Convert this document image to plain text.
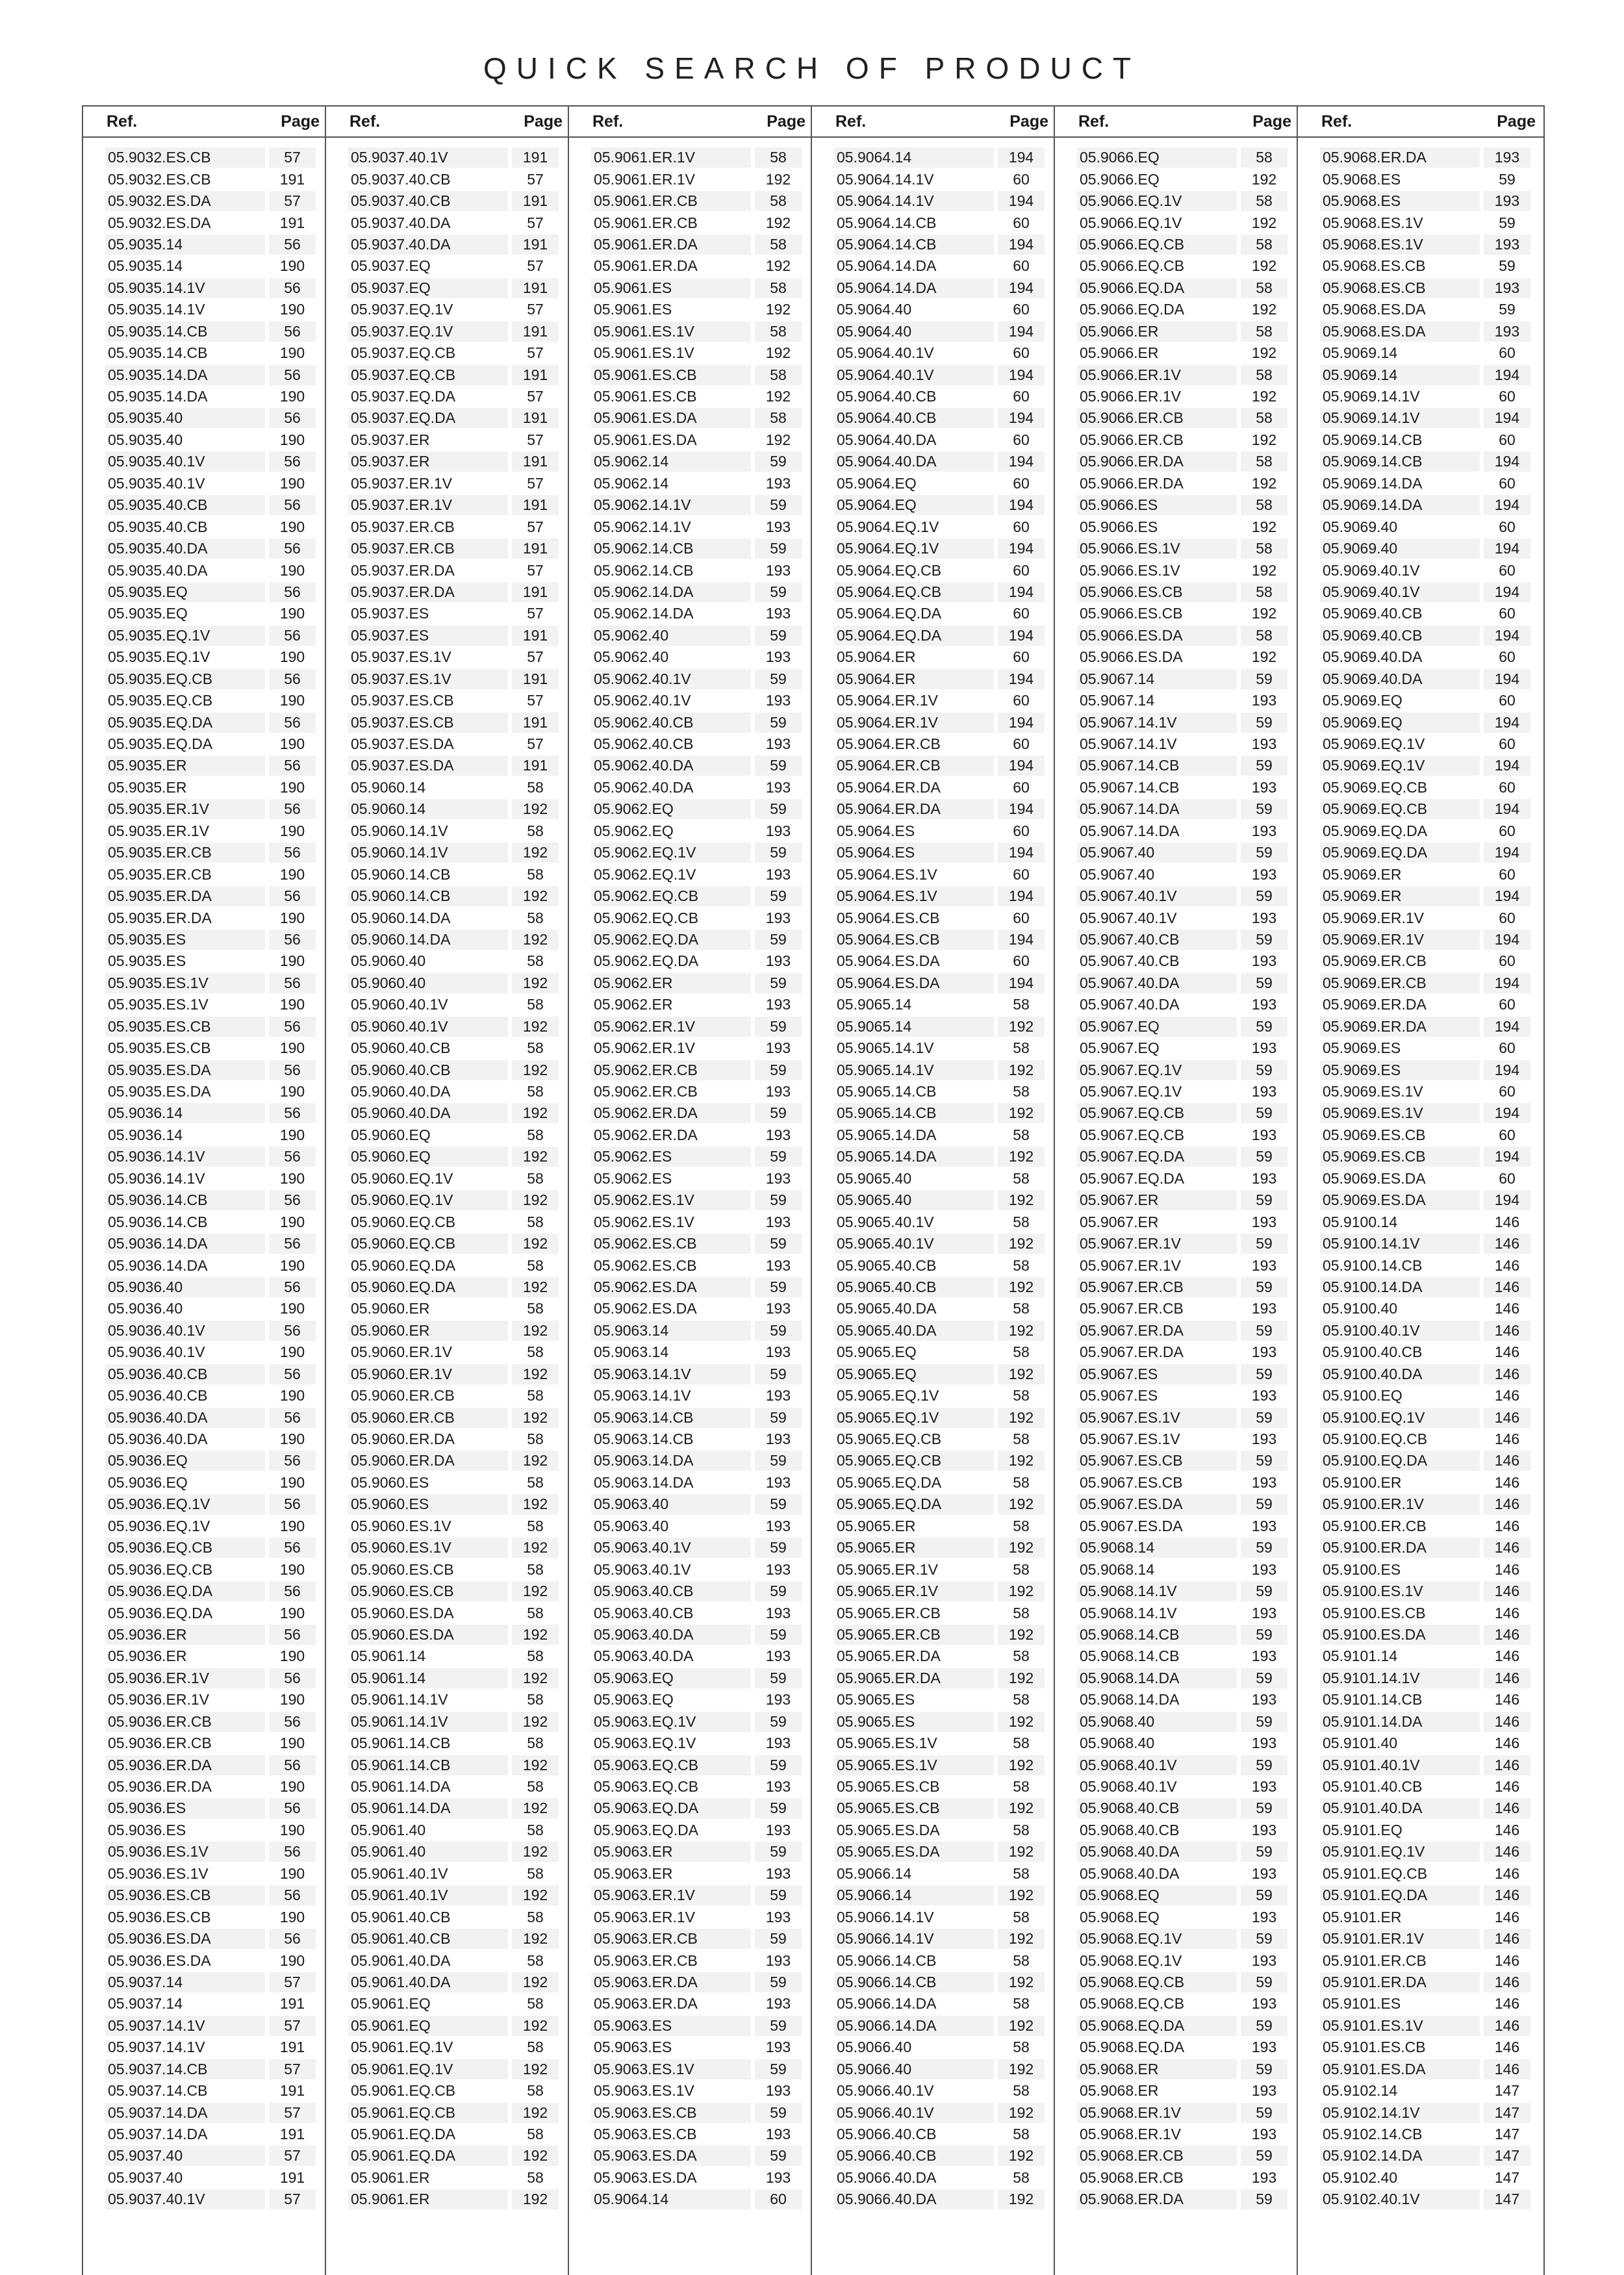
QUICK SEARCH OF PRODUCT
Ref.	Page Ref.	Page Ref.	Page Ref.	Page Ref.	Page Ref.	Page
05.9032.ES.CB	57
05.9032.ES.CB	191
05.9032.ES.DA	57
05.9032.ES.DA	191
05.9035.14	56
05.9035.14	190
05.9035.14.1V	56
05.9035.14.1V	190
05.9035.14.CB	56
05.9035.14.CB	190
05.9035.14.DA	56
05.9035.14.DA	190
05.9035.40	56
05.9035.40	190
05.9035.40.1V	56
05.9035.40.1V	190
05.9035.40.CB	56
05.9035.40.CB	190
05.9035.40.DA	56
05.9035.40.DA	190
05.9035.EQ	56
05.9035.EQ	190
05.9035.EQ.1V	56
05.9035.EQ.1V	190
05.9035.EQ.CB	56
05.9035.EQ.CB	190
05.9035.EQ.DA	56
05.9035.EQ.DA	190
05.9035.ER	56
05.9035.ER	190
05.9035.ER.1V	56
05.9035.ER.1V	190
05.9035.ER.CB	56
05.9035.ER.CB	190
05.9035.ER.DA	56
05.9035.ER.DA	190
05.9035.ES	56
05.9035.ES	190
05.9035.ES.1V	56
05.9035.ES.1V	190
05.9035.ES.CB	56
05.9035.ES.CB	190
05.9035.ES.DA	56
05.9035.ES.DA	190
05.9036.14	56
05.9036.14	190
05.9036.14.1V	56
05.9036.14.1V	190
05.9036.14.CB	56
05.9036.14.CB	190
05.9036.14.DA	56
05.9036.14.DA	190
05.9036.40	56
05.9036.40	190
05.9036.40.1V	56
05.9036.40.1V	190
05.9036.40.CB	56
05.9036.40.CB	190
05.9036.40.DA	56
05.9036.40.DA	190
05.9036.EQ	56
05.9036.EQ	190
05.9036.EQ.1V	56
05.9036.EQ.1V	190
05.9036.EQ.CB	56
05.9036.EQ.CB	190
05.9036.EQ.DA	56
05.9036.EQ.DA	190
05.9036.ER	56
05.9036.ER	190
05.9036.ER.1V	56
05.9036.ER.1V	190
05.9036.ER.CB	56
05.9036.ER.CB	190
05.9036.ER.DA	56
05.9036.ER.DA	190
05.9036.ES	56
05.9036.ES	190
05.9036.ES.1V	56
05.9036.ES.1V	190
05.9036.ES.CB	56
05.9036.ES.CB	190
05.9036.ES.DA	56
05.9036.ES.DA	190
05.9037.14	57
05.9037.14	191
05.9037.14.1V	57
05.9037.14.1V	191
05.9037.14.CB	57
05.9037.14.CB	191
05.9037.14.DA	57
05.9037.14.DA	191
05.9037.40	57
05.9037.40	191
05.9037.40.1V	57
05.9037.40.1V	191
05.9037.40.CB	57
05.9037.40.CB	191
05.9037.40.DA	57
05.9037.40.DA	191
05.9037.EQ	57
05.9037.EQ	191
05.9037.EQ.1V	57
05.9037.EQ.1V	191
05.9037.EQ.CB	57
05.9037.EQ.CB	191
05.9037.EQ.DA	57
05.9037.EQ.DA	191
05.9037.ER	57
05.9037.ER	191
05.9037.ER.1V	57
05.9037.ER.1V	191
05.9037.ER.CB	57
05.9037.ER.CB	191
05.9037.ER.DA	57
05.9037.ER.DA	191
05.9037.ES	57
05.9037.ES	191
05.9037.ES.1V	57
05.9037.ES.1V	191
05.9037.ES.CB	57
05.9037.ES.CB	191
05.9037.ES.DA	57
05.9037.ES.DA	191
05.9060.14	58
05.9060.14	192
05.9060.14.1V	58
05.9060.14.1V	192
05.9060.14.CB	58
05.9060.14.CB	192
05.9060.14.DA	58
05.9060.14.DA	192
05.9060.40	58
05.9060.40	192
05.9060.40.1V	58
05.9060.40.1V	192
05.9060.40.CB	58
05.9060.40.CB	192
05.9060.40.DA	58
05.9060.40.DA	192
05.9060.EQ	58
05.9060.EQ	192
05.9060.EQ.1V	58
05.9060.EQ.1V	192
05.9060.EQ.CB	58
05.9060.EQ.CB	192
05.9060.EQ.DA	58
05.9060.EQ.DA	192
05.9060.ER	58
05.9060.ER	192
05.9060.ER.1V	58
05.9060.ER.1V	192
05.9060.ER.CB	58
05.9060.ER.CB	192
05.9060.ER.DA	58
05.9060.ER.DA	192
05.9060.ES	58
05.9060.ES	192
05.9060.ES.1V	58
05.9060.ES.1V	192
05.9060.ES.CB	58
05.9060.ES.CB	192
05.9060.ES.DA	58
05.9060.ES.DA	192
05.9061.14	58
05.9061.14	192
05.9061.14.1V	58
05.9061.14.1V	192
05.9061.14.CB	58
05.9061.14.CB	192
05.9061.14.DA	58
05.9061.14.DA	192
05.9061.40	58
05.9061.40	192
05.9061.40.1V	58
05.9061.40.1V	192
05.9061.40.CB	58
05.9061.40.CB	192
05.9061.40.DA	58
05.9061.40.DA	192
05.9061.EQ	58
05.9061.EQ	192
05.9061.EQ.1V	58
05.9061.EQ.1V	192
05.9061.EQ.CB	58
05.9061.EQ.CB	192
05.9061.EQ.DA	58
05.9061.EQ.DA	192
05.9061.ER	58
05.9061.ER	192
05.9061.ER.1V	58
05.9061.ER.1V	192
05.9061.ER.CB	58
05.9061.ER.CB	192
05.9061.ER.DA	58
05.9061.ER.DA	192
05.9061.ES	58
05.9061.ES	192
05.9061.ES.1V	58
05.9061.ES.1V	192
05.9061.ES.CB	58
05.9061.ES.CB	192
05.9061.ES.DA	58
05.9061.ES.DA	192
05.9062.14	59
05.9062.14	193
05.9062.14.1V	59
05.9062.14.1V	193
05.9062.14.CB	59
05.9062.14.CB	193
05.9062.14.DA	59
05.9062.14.DA	193
05.9062.40	59
05.9062.40	193
05.9062.40.1V	59
05.9062.40.1V	193
05.9062.40.CB	59
05.9062.40.CB	193
05.9062.40.DA	59
05.9062.40.DA	193
05.9062.EQ	59
05.9062.EQ	193
05.9062.EQ.1V	59
05.9062.EQ.1V	193
05.9062.EQ.CB	59
05.9062.EQ.CB	193
05.9062.EQ.DA	59
05.9062.EQ.DA	193
05.9062.ER	59
05.9062.ER	193
05.9062.ER.1V	59
05.9062.ER.1V	193
05.9062.ER.CB	59
05.9062.ER.CB	193
05.9062.ER.DA	59
05.9062.ER.DA	193
05.9062.ES	59
05.9062.ES	193
05.9062.ES.1V	59
05.9062.ES.1V	193
05.9062.ES.CB	59
05.9062.ES.CB	193
05.9062.ES.DA	59
05.9062.ES.DA	193
05.9063.14	59
05.9063.14	193
05.9063.14.1V	59
05.9063.14.1V	193
05.9063.14.CB	59
05.9063.14.CB	193
05.9063.14.DA	59
05.9063.14.DA	193
05.9063.40	59
05.9063.40	193
05.9063.40.1V	59
05.9063.40.1V	193
05.9063.40.CB	59
05.9063.40.CB	193
05.9063.40.DA	59
05.9063.40.DA	193
05.9063.EQ	59
05.9063.EQ	193
05.9063.EQ.1V	59
05.9063.EQ.1V	193
05.9063.EQ.CB	59
05.9063.EQ.CB	193
05.9063.EQ.DA	59
05.9063.EQ.DA	193
05.9063.ER	59
05.9063.ER	193
05.9063.ER.1V	59
05.9063.ER.1V	193
05.9063.ER.CB	59
05.9063.ER.CB	193
05.9063.ER.DA	59
05.9063.ER.DA	193
05.9063.ES	59
05.9063.ES	193
05.9063.ES.1V	59
05.9063.ES.1V	193
05.9063.ES.CB	59
05.9063.ES.CB	193
05.9063.ES.DA	59
05.9063.ES.DA	193
05.9064.14	60
05.9064.14	194
05.9064.14.1V	60
05.9064.14.1V	194
05.9064.14.CB	60
05.9064.14.CB	194
05.9064.14.DA	60
05.9064.14.DA	194
05.9064.40	60
05.9064.40	194
05.9064.40.1V	60
05.9064.40.1V	194
05.9064.40.CB	60
05.9064.40.CB	194
05.9064.40.DA	60
05.9064.40.DA	194
05.9064.EQ	60
05.9064.EQ	194
05.9064.EQ.1V	60
05.9064.EQ.1V	194
05.9064.EQ.CB	60
05.9064.EQ.CB	194
05.9064.EQ.DA	60
05.9064.EQ.DA	194
05.9064.ER	60
05.9064.ER	194
05.9064.ER.1V	60
05.9064.ER.1V	194
05.9064.ER.CB	60
05.9064.ER.CB	194
05.9064.ER.DA	60
05.9064.ER.DA	194
05.9064.ES	60
05.9064.ES	194
05.9064.ES.1V	60
05.9064.ES.1V	194
05.9064.ES.CB	60
05.9064.ES.CB	194
05.9064.ES.DA	60
05.9064.ES.DA	194
05.9065.14	58
05.9065.14	192
05.9065.14.1V	58
05.9065.14.1V	192
05.9065.14.CB	58
05.9065.14.CB	192
05.9065.14.DA	58
05.9065.14.DA	192
05.9065.40	58
05.9065.40	192
05.9065.40.1V	58
05.9065.40.1V	192
05.9065.40.CB	58
05.9065.40.CB	192
05.9065.40.DA	58
05.9065.40.DA	192
05.9065.EQ	58
05.9065.EQ	192
05.9065.EQ.1V	58
05.9065.EQ.1V	192
05.9065.EQ.CB	58
05.9065.EQ.CB	192
05.9065.EQ.DA	58
05.9065.EQ.DA	192
05.9065.ER	58
05.9065.ER	192
05.9065.ER.1V	58
05.9065.ER.1V	192
05.9065.ER.CB	58
05.9065.ER.CB	192
05.9065.ER.DA	58
05.9065.ER.DA	192
05.9065.ES	58
05.9065.ES	192
05.9065.ES.1V	58
05.9065.ES.1V	192
05.9065.ES.CB	58
05.9065.ES.CB	192
05.9065.ES.DA	58
05.9065.ES.DA	192
05.9066.14	58
05.9066.14	192
05.9066.14.1V	58
05.9066.14.1V	192
05.9066.14.CB	58
05.9066.14.CB	192
05.9066.14.DA	58
05.9066.14.DA	192
05.9066.40	58
05.9066.40	192
05.9066.40.1V	58
05.9066.40.1V	192
05.9066.40.CB	58
05.9066.40.CB	192
05.9066.40.DA	58
05.9066.40.DA	192
05.9066.EQ	58
05.9066.EQ	192
05.9066.EQ.1V	58
05.9066.EQ.1V	192
05.9066.EQ.CB	58
05.9066.EQ.CB	192
05.9066.EQ.DA	58
05.9066.EQ.DA	192
05.9066.ER	58
05.9066.ER	192
05.9066.ER.1V	58
05.9066.ER.1V	192
05.9066.ER.CB	58
05.9066.ER.CB	192
05.9066.ER.DA	58
05.9066.ER.DA	192
05.9066.ES	58
05.9066.ES	192
05.9066.ES.1V	58
05.9066.ES.1V	192
05.9066.ES.CB	58
05.9066.ES.CB	192
05.9066.ES.DA	58
05.9066.ES.DA	192
05.9067.14	59
05.9067.14	193
05.9067.14.1V	59
05.9067.14.1V	193
05.9067.14.CB	59
05.9067.14.CB	193
05.9067.14.DA	59
05.9067.14.DA	193
05.9067.40	59
05.9067.40	193
05.9067.40.1V	59
05.9067.40.1V	193
05.9067.40.CB	59
05.9067.40.CB	193
05.9067.40.DA	59
05.9067.40.DA	193
05.9067.EQ	59
05.9067.EQ	193
05.9067.EQ.1V	59
05.9067.EQ.1V	193
05.9067.EQ.CB	59
05.9067.EQ.CB	193
05.9067.EQ.DA	59
05.9067.EQ.DA	193
05.9067.ER	59
05.9067.ER	193
05.9067.ER.1V	59
05.9067.ER.1V	193
05.9067.ER.CB	59
05.9067.ER.CB	193
05.9067.ER.DA	59
05.9067.ER.DA	193
05.9067.ES	59
05.9067.ES	193
05.9067.ES.1V	59
05.9067.ES.1V	193
05.9067.ES.CB	59
05.9067.ES.CB	193
05.9067.ES.DA	59
05.9067.ES.DA	193
05.9068.14	59
05.9068.14	193
05.9068.14.1V	59
05.9068.14.1V	193
05.9068.14.CB	59
05.9068.14.CB	193
05.9068.14.DA	59
05.9068.14.DA	193
05.9068.40	59
05.9068.40	193
05.9068.40.1V	59
05.9068.40.1V	193
05.9068.40.CB	59
05.9068.40.CB	193
05.9068.40.DA	59
05.9068.40.DA	193
05.9068.EQ	59
05.9068.EQ	193
05.9068.EQ.1V	59
05.9068.EQ.1V	193
05.9068.EQ.CB	59
05.9068.EQ.CB	193
05.9068.EQ.DA	59
05.9068.EQ.DA	193
05.9068.ER	59
05.9068.ER	193
05.9068.ER.1V	59
05.9068.ER.1V	193
05.9068.ER.CB	59
05.9068.ER.CB	193
05.9068.ER.DA	59
05.9068.ER.DA	193
05.9068.ES	59
05.9068.ES	193
05.9068.ES.1V	59
05.9068.ES.1V	193
05.9068.ES.CB	59
05.9068.ES.CB	193
05.9068.ES.DA	59
05.9068.ES.DA	193
05.9069.14	60
05.9069.14	194
05.9069.14.1V	60
05.9069.14.1V	194
05.9069.14.CB	60
05.9069.14.CB	194
05.9069.14.DA	60
05.9069.14.DA	194
05.9069.40	60
05.9069.40	194
05.9069.40.1V	60
05.9069.40.1V	194
05.9069.40.CB	60
05.9069.40.CB	194
05.9069.40.DA	60
05.9069.40.DA	194
05.9069.EQ	60
05.9069.EQ	194
05.9069.EQ.1V	60
05.9069.EQ.1V	194
05.9069.EQ.CB	60
05.9069.EQ.CB	194
05.9069.EQ.DA	60
05.9069.EQ.DA	194
05.9069.ER	60
05.9069.ER	194
05.9069.ER.1V	60
05.9069.ER.1V	194
05.9069.ER.CB	60
05.9069.ER.CB	194
05.9069.ER.DA	60
05.9069.ER.DA	194
05.9069.ES	60
05.9069.ES	194
05.9069.ES.1V	60
05.9069.ES.1V	194
05.9069.ES.CB	60
05.9069.ES.CB	194
05.9069.ES.DA	60
05.9069.ES.DA	194
05.9100.14	146
05.9100.14.1V	146
05.9100.14.CB	146
05.9100.14.DA	146
05.9100.40	146
05.9100.40.1V	146
05.9100.40.CB	146
05.9100.40.DA	146
05.9100.EQ	146
05.9100.EQ.1V	146
05.9100.EQ.CB	146
05.9100.EQ.DA	146
05.9100.ER	146
05.9100.ER.1V	146
05.9100.ER.CB	146
05.9100.ER.DA	146
05.9100.ES	146
05.9100.ES.1V	146
05.9100.ES.CB	146
05.9100.ES.DA	146
05.9101.14	146
05.9101.14.1V	146
05.9101.14.CB	146
05.9101.14.DA	146
05.9101.40	146
05.9101.40.1V	146
05.9101.40.CB	146
05.9101.40.DA	146
05.9101.EQ	146
05.9101.EQ.1V	146
05.9101.EQ.CB	146
05.9101.EQ.DA	146
05.9101.ER	146
05.9101.ER.1V	146
05.9101.ER.CB	146
05.9101.ER.DA	146
05.9101.ES	146
05.9101.ES.1V	146
05.9101.ES.CB	146
05.9101.ES.DA	146
05.9102.14	147
05.9102.14.1V	147
05.9102.14.CB	147
05.9102.14.DA	147
05.9102.40	147
05.9102.40.1V	147
